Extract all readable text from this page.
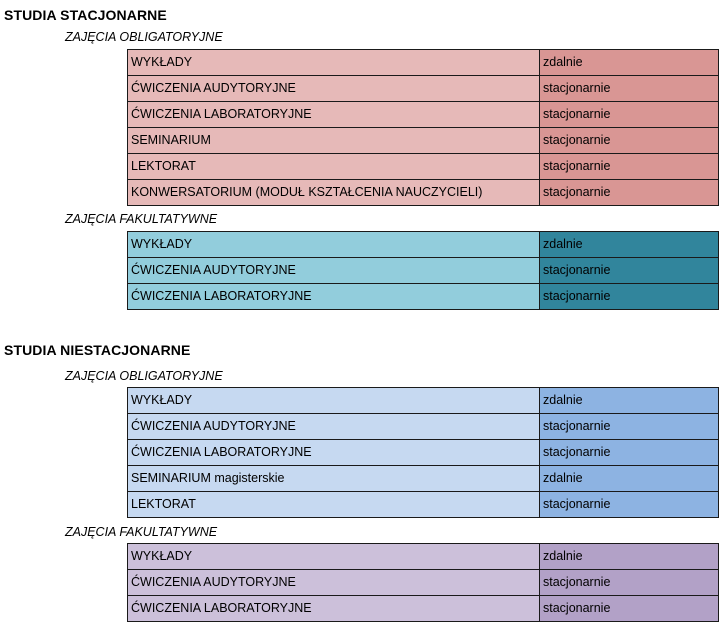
STUDIA STACJONARNE
ZAJĘCIA OBLIGATORYJNE
WYKŁADY	zdalnie
ĆWICZENIA AUDYTORYJNE	stacjonarnie
ĆWICZENIA LABORATORYJNE	stacjonarnie
SEMINARIUM	stacjonarnie
LEKTORAT	stacjonarnie
KONWERSATORIUM (MODUŁ KSZTAŁCENIA NAUCZYCIELI)	stacjonarnie
ZAJĘCIA FAKULTATYWNE
WYKŁADY	zdalnie
ĆWICZENIA AUDYTORYJNE	stacjonarnie
ĆWICZENIA LABORATORYJNE	stacjonarnie
STUDIA NIESTACJONARNE
ZAJĘCIA OBLIGATORYJNE
WYKŁADY	zdalnie
ĆWICZENIA AUDYTORYJNE	stacjonarnie
ĆWICZENIA LABORATORYJNE	stacjonarnie
SEMINARIUM magisterskie	zdalnie
LEKTORAT	stacjonarnie
ZAJĘCIA FAKULTATYWNE
WYKŁADY	zdalnie
ĆWICZENIA AUDYTORYJNE	stacjonarnie
ĆWICZENIA LABORATORYJNE	stacjonarnie
